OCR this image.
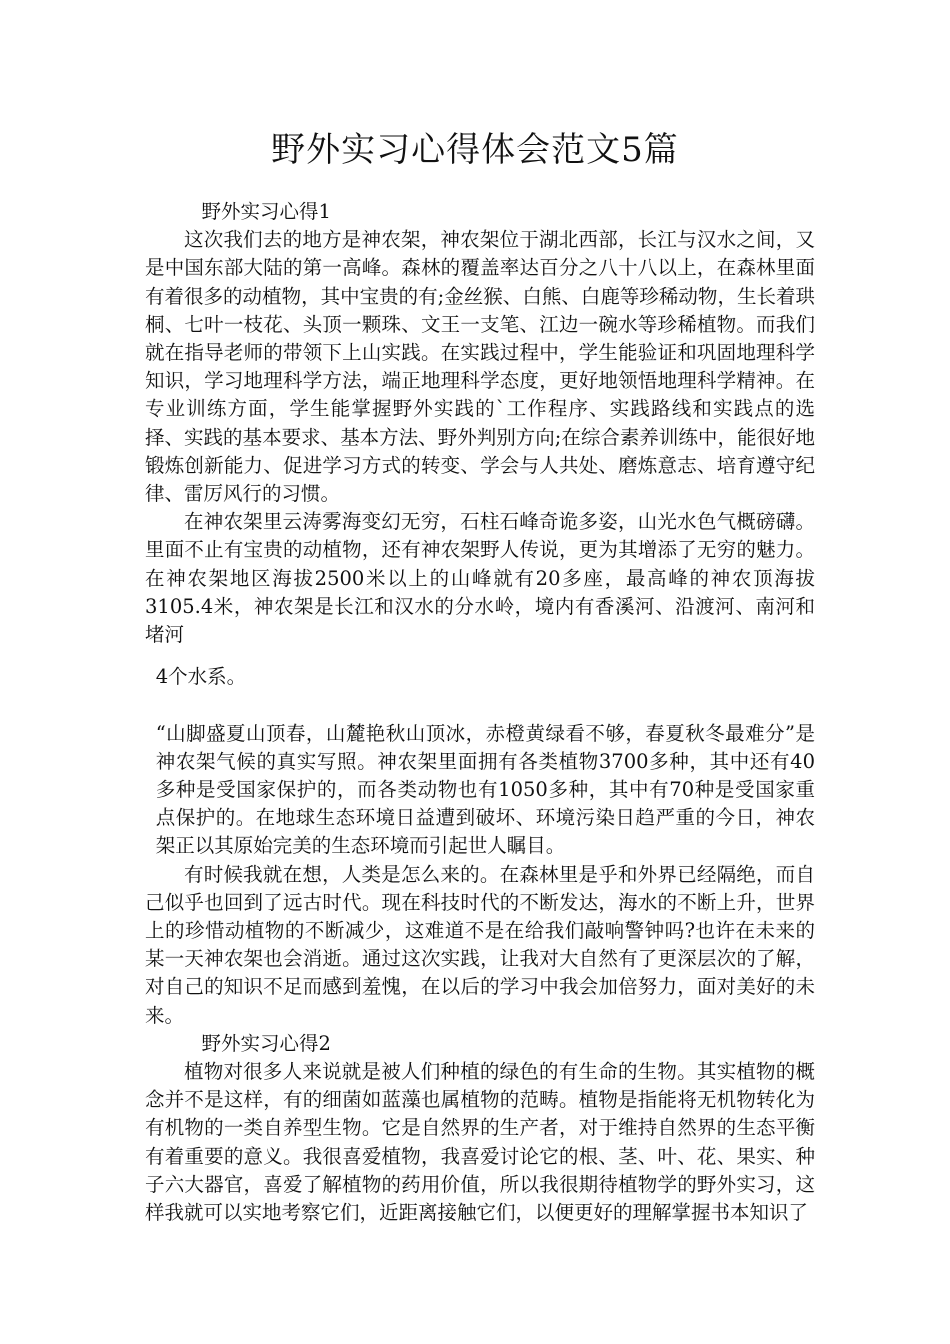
野外实习心得体会范文5篇

野外实习心得1

这次我们去的地方是神农架，神农架位于湖北西部，长江与汉水之间，又是中国东部大陆的第一高峰。森林的覆盖率达百分之八十八以上，在森林里面有着很多的动植物，其中宝贵的有;金丝猴、白熊、白鹿等珍稀动物，生长着珙桐、七叶一枝花、头顶一颗珠、文王一支笔、江边一碗水等珍稀植物。而我们就在指导老师的带领下上山实践。在实践过程中，学生能验证和巩固地理科学知识，学习地理科学方法，端正地理科学态度，更好地领悟地理科学精神。在专业训练方面，学生能掌握野外实践的`工作程序、实践路线和实践点的选择、实践的基本要求、基本方法、野外判别方向;在综合素养训练中，能很好地锻炼创新能力、促进学习方式的转变、学会与人共处、磨炼意志、培育遵守纪律、雷厉风行的习惯。

在神农架里云涛雾海变幻无穷，石柱石峰奇诡多姿，山光水色气概磅礴。里面不止有宝贵的动植物，还有神农架野人传说，更为其增添了无穷的魅力。在神农架地区海拔2500米以上的山峰就有20多座，最高峰的神农顶海拔3105.4米，神农架是长江和汉水的分水岭，境内有香溪河、沿渡河、南河和堵河

4个水系。

“山脚盛夏山顶春，山麓艳秋山顶冰，赤橙黄绿看不够，春夏秋冬最难分”是神农架气候的真实写照。神农架里面拥有各类植物3700多种，其中还有40多种是受国家保护的，而各类动物也有1050多种，其中有70种是受国家重点保护的。在地球生态环境日益遭到破坏、环境污染日趋严重的今日，神农架正以其原始完美的生态环境而引起世人瞩目。

有时候我就在想，人类是怎么来的。在森林里是乎和外界已经隔绝，而自己似乎也回到了远古时代。现在科技时代的不断发达，海水的不断上升，世界上的珍惜动植物的不断减少，这难道不是在给我们敲响警钟吗?也许在未来的某一天神农架也会消逝。通过这次实践，让我对大自然有了更深层次的了解，对自己的知识不足而感到羞愧，在以后的学习中我会加倍努力，面对美好的未来。

野外实习心得2

植物对很多人来说就是被人们种植的绿色的有生命的生物。其实植物的概念并不是这样，有的细菌如蓝藻也属植物的范畴。植物是指能将无机物转化为有机物的一类自养型生物。它是自然界的生产者，对于维持自然界的生态平衡有着重要的意义。我很喜爱植物，我喜爱讨论它的根、茎、叶、花、果实、种子六大器官，喜爱了解植物的药用价值，所以我很期待植物学的野外实习，这样我就可以实地考察它们，近距离接触它们，以便更好的理解掌握书本知识了
